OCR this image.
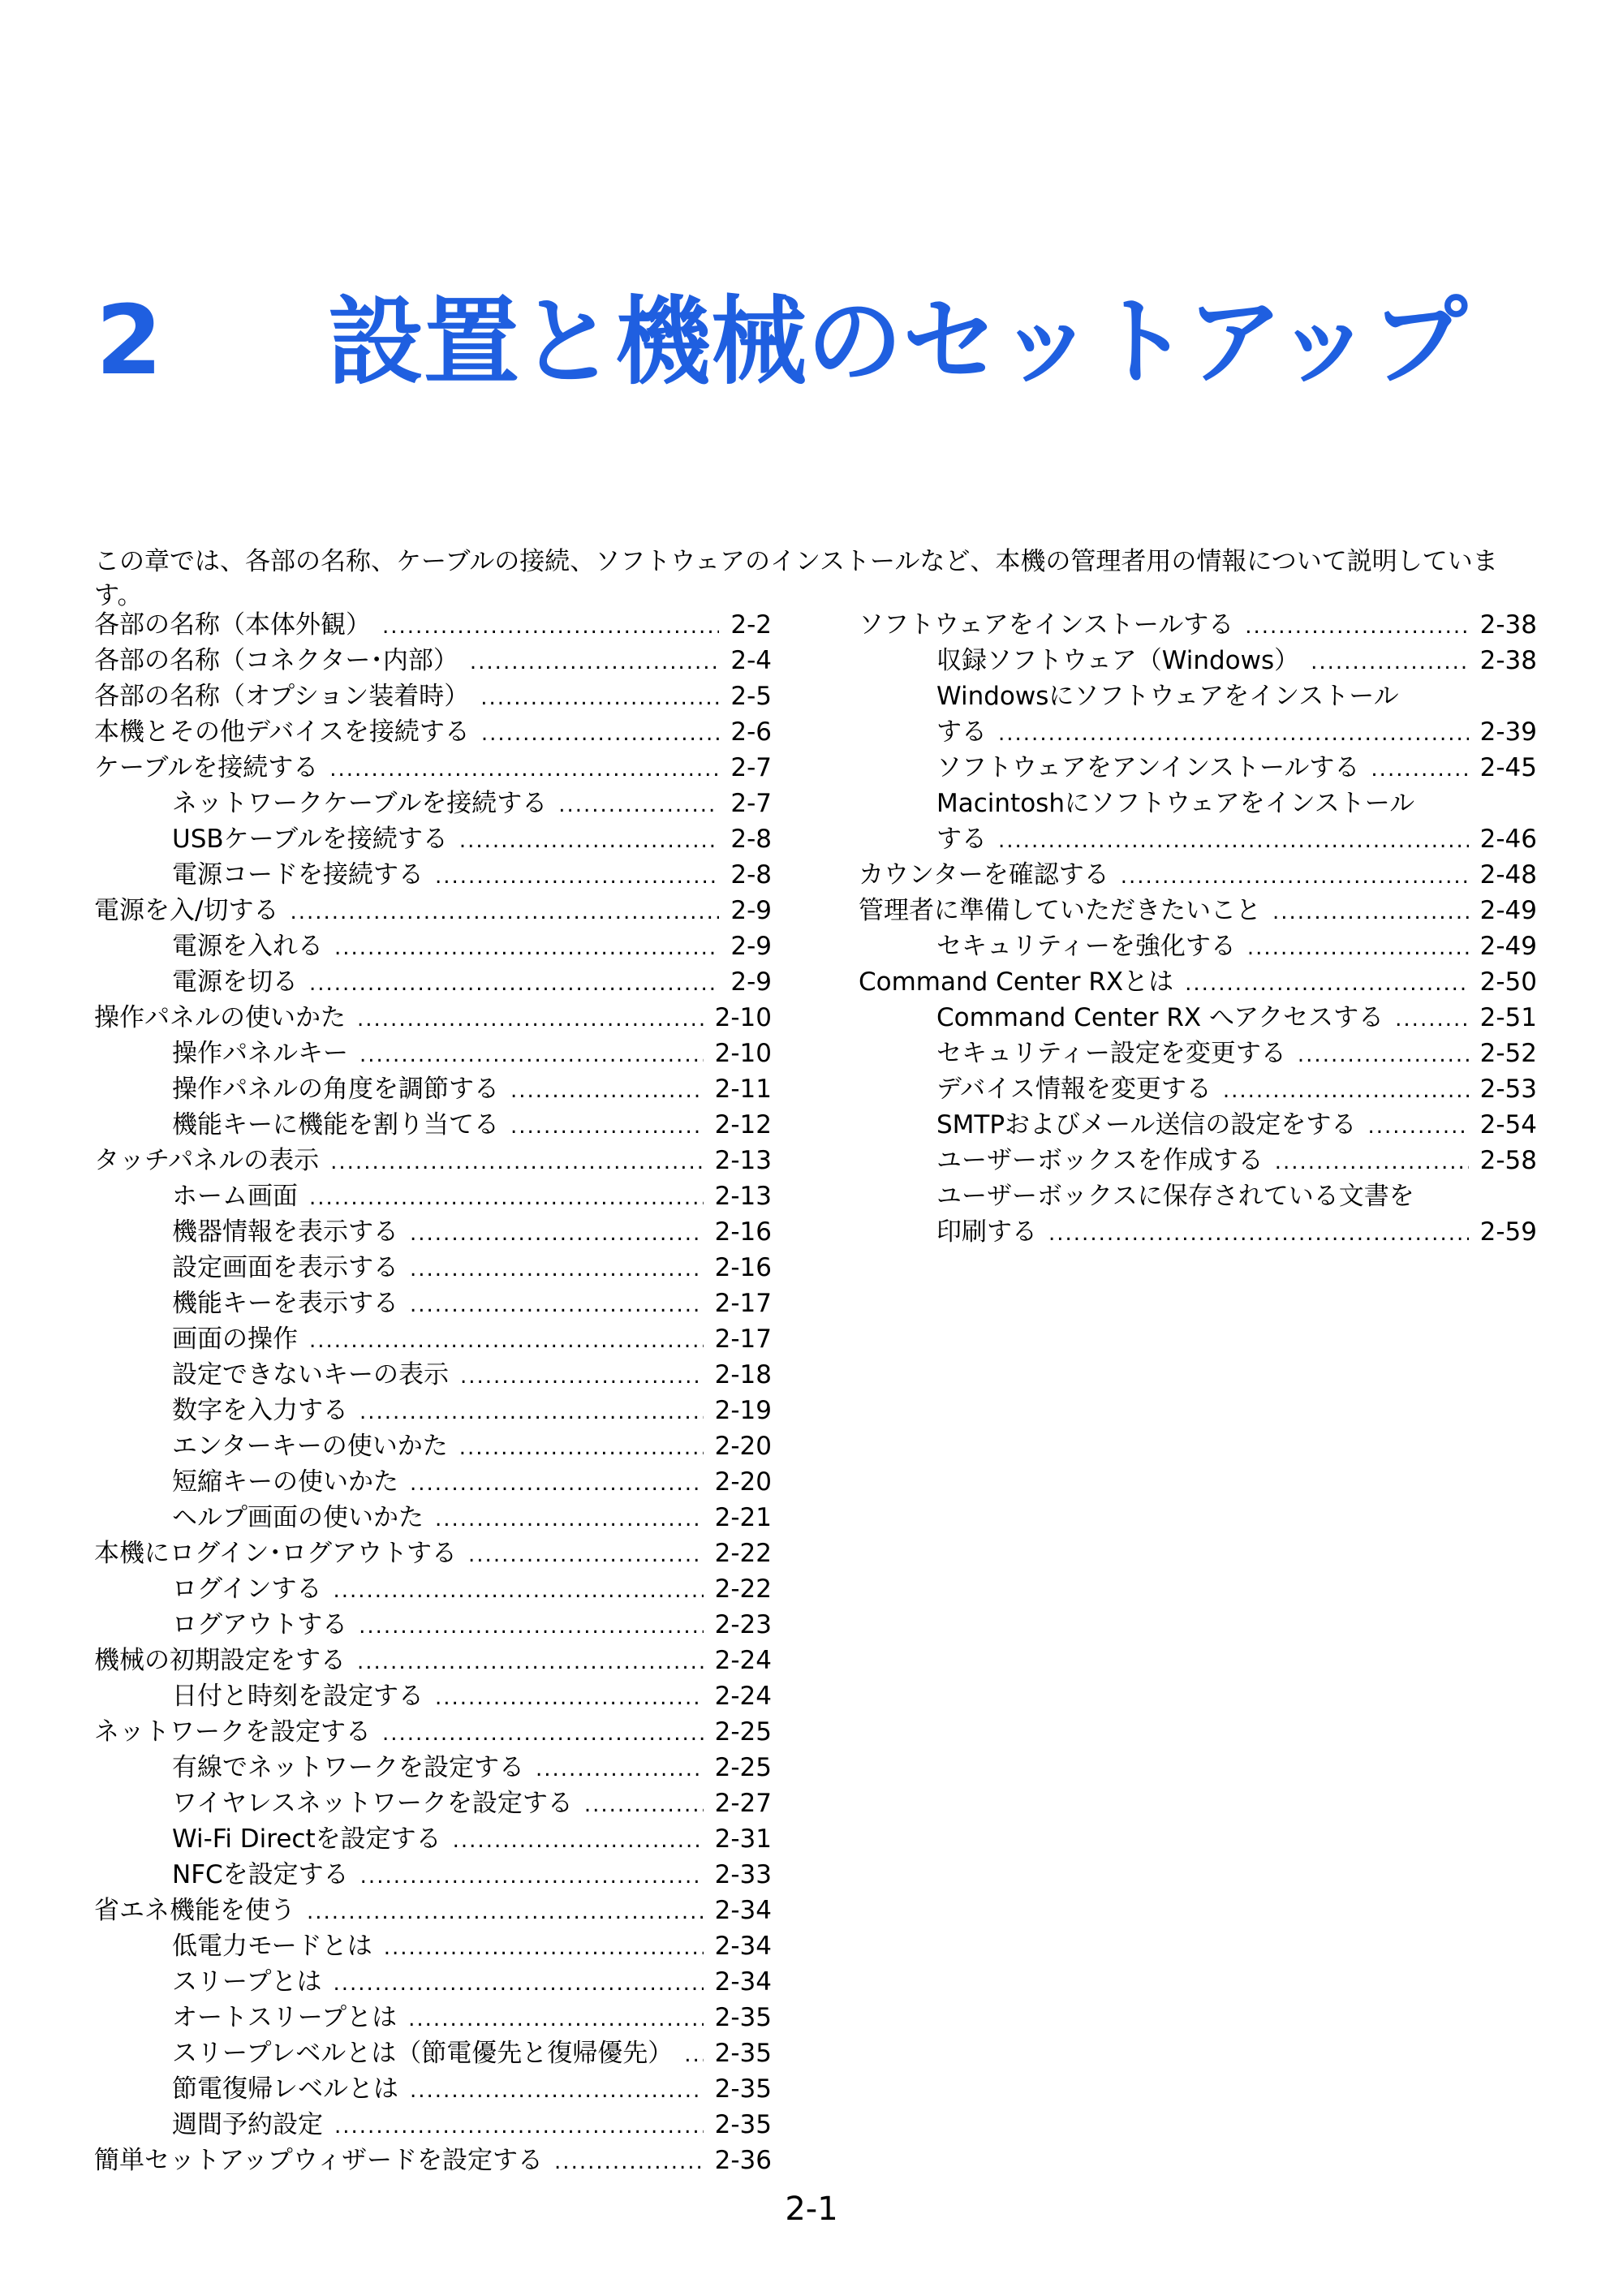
2 設置と機械のセットアップ

この章では、各部の名称、ケーブルの接続、ソフトウェアのインストールなど、本機の管理者用の情報について説明しています。

各部の名称（本体外観） .....	2-2
各部の名称（コネクター･内部） .....	2-4
各部の名称（オプション装着時） .....	2-5
本機とその他デバイスを接続する .....	2-6
ケーブルを接続する .....	2-7
ネットワークケーブルを接続する .....	2-7
USBケーブルを接続する .....	2-8
電源コードを接続する .....	2-8
電源を入/切する .....	2-9
電源を入れる .....	2-9
電源を切る .....	2-9
操作パネルの使いかた .....	2-10
操作パネルキー .....	2-10
操作パネルの角度を調節する .....	2-11
機能キーに機能を割り当てる .....	2-12
タッチパネルの表示 .....	2-13
ホーム画面 .....	2-13
機器情報を表示する .....	2-16
設定画面を表示する .....	2-16
機能キーを表示する .....	2-17
画面の操作 .....	2-17
設定できないキーの表示 .....	2-18
数字を入力する .....	2-19
エンターキーの使いかた .....	2-20
短縮キーの使いかた .....	2-20
ヘルプ画面の使いかた .....	2-21
本機にログイン･ログアウトする .....	2-22
ログインする .....	2-22
ログアウトする .....	2-23
機械の初期設定をする .....	2-24
日付と時刻を設定する .....	2-24
ネットワークを設定する .....	2-25
有線でネットワークを設定する .....	2-25
ワイヤレスネットワークを設定する .....	2-27
Wi-Fi Directを設定する .....	2-31
NFCを設定する .....	2-33
省エネ機能を使う .....	2-34
低電力モードとは .....	2-34
スリープとは .....	2-34
オートスリープとは .....	2-35
スリープレベルとは（節電優先と復帰優先） ..... 2-35
節電復帰レベルとは .....	2-35
週間予約設定 .....	2-35
簡単セットアップウィザードを設定する .....	2-36
ソフトウェアをインストールする .....	2-38
収録ソフトウェア（Windows） .....	2-38
Windowsにソフトウェアをインストール
する .....	2-39
ソフトウェアをアンインストールする .....	2-45
Macintoshにソフトウェアをインストール
する .....	2-46
カウンターを確認する .....	2-48
管理者に準備していただきたいこと .....	2-49
セキュリティーを強化する .....	2-49
Command Center RXとは .....	2-50
Command Center RX へアクセスする .....	2-51
セキュリティー設定を変更する .....	2-52
デバイス情報を変更する .....	2-53
SMTPおよびメール送信の設定をする .....	2-54
ユーザーボックスを作成する .....	2-58
ユーザーボックスに保存されている文書を
印刷する .....	2-59
2-1
